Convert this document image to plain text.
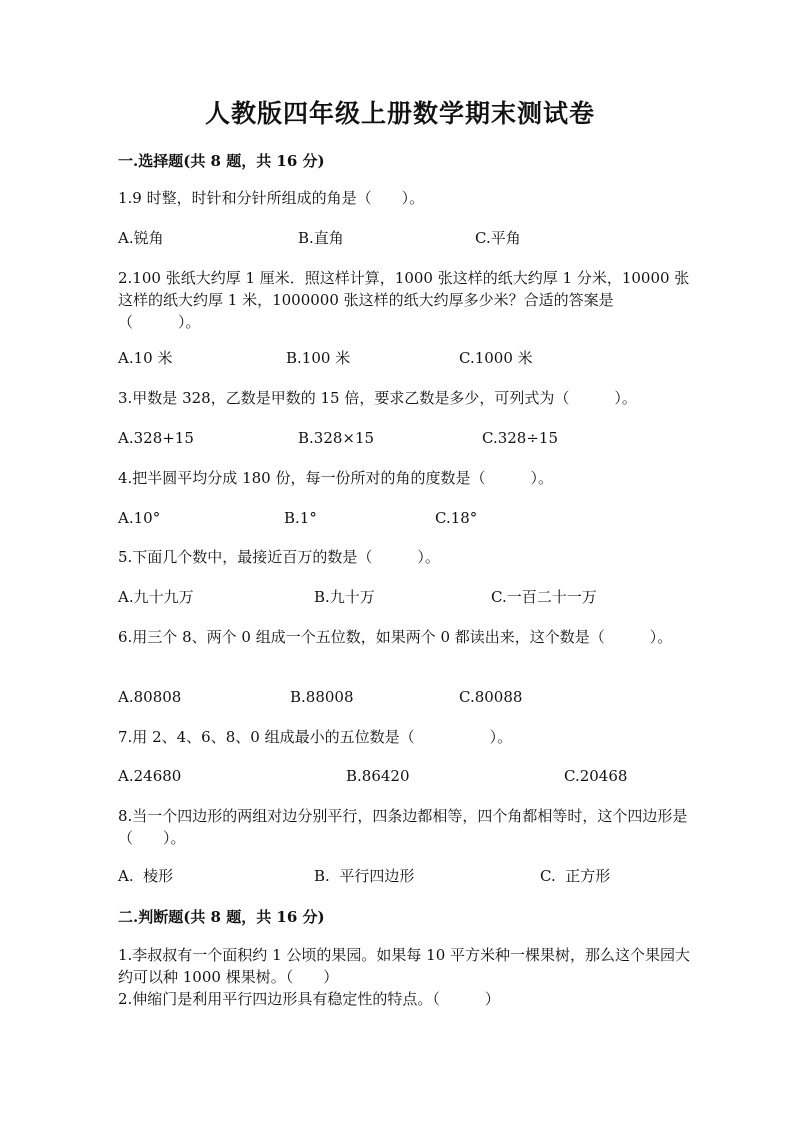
人教版四年级上册数学期末测试卷
一.选择题(共 8 题，共 16 分)
1.9 时整，时针和分针所组成的角是（　　）。
A.锐角	B.直角	C.平角
2.100 张纸大约厚 1 厘米．照这样计算，1000 张这样的纸大约厚 1 分米，10000 张这样的纸大约厚 1 米，1000000 张这样的纸大约厚多少米？合适的答案是（　　　）。
A.10 米	B.100 米	C.1000 米
3.甲数是 328，乙数是甲数的 15 倍，要求乙数是多少，可列式为（　　　）。
A.328+15	B.328×15	C.328÷15
4.把半圆平均分成 180 份，每一份所对的角的度数是（　　　）。
A.10°	B.1°	C.18°
5.下面几个数中，最接近百万的数是（　　　）。
A.九十九万	B.九十万	C.一百二十一万
6.用三个 8、两个 0 组成一个五位数，如果两个 0 都读出来，这个数是（　　　）。
A.80808	B.88008	C.80088
7.用 2、4、6、8、0 组成最小的五位数是（　　　　　）。
A.24680	B.86420	C.20468
8.当一个四边形的两组对边分别平行，四条边都相等，四个角都相等时，这个四边形是（　　）。
A.  棱形	B.  平行四边形	C.  正方形
二.判断题(共 8 题，共 16 分)
1.李叔叔有一个面积约 1 公顷的果园。如果每 10 平方米种一棵果树，那么这个果园大约可以种 1000 棵果树。（　　）
2.伸缩门是利用平行四边形具有稳定性的特点。（　　　）
